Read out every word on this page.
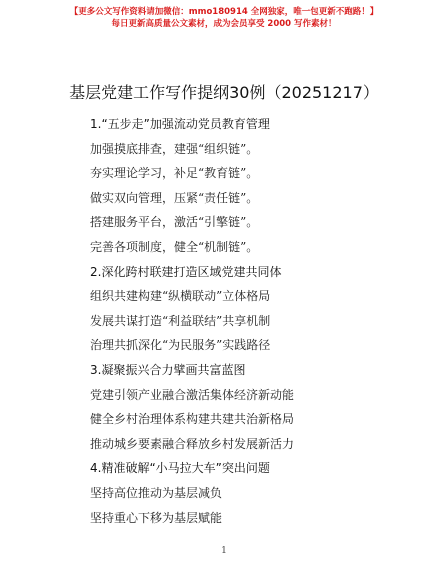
【更多公文写作资料请加微信：mmo180914 全网独家，唯一包更新不跑路！】
每日更新高质量公文素材，成为会员享受 2000 写作素材！
基层党建工作写作提纲30例（20251217）
1.“五步走”加强流动党员教育管理
加强摸底排查，建强“组织链”。
夯实理论学习，补足“教育链”。
做实双向管理，压紧“责任链”。
搭建服务平台，激活“引擎链”。
完善各项制度，健全“机制链”。
2.深化跨村联建打造区域党建共同体
组织共建构建“纵横联动”立体格局
发展共谋打造“利益联结”共享机制
治理共抓深化“为民服务”实践路径
3.凝聚振兴合力擘画共富蓝图
党建引领产业融合激活集体经济新动能
健全乡村治理体系构建共建共治新格局
推动城乡要素融合释放乡村发展新活力
4.精准破解“小马拉大车”突出问题
坚持高位推动为基层减负
坚持重心下移为基层赋能
1
